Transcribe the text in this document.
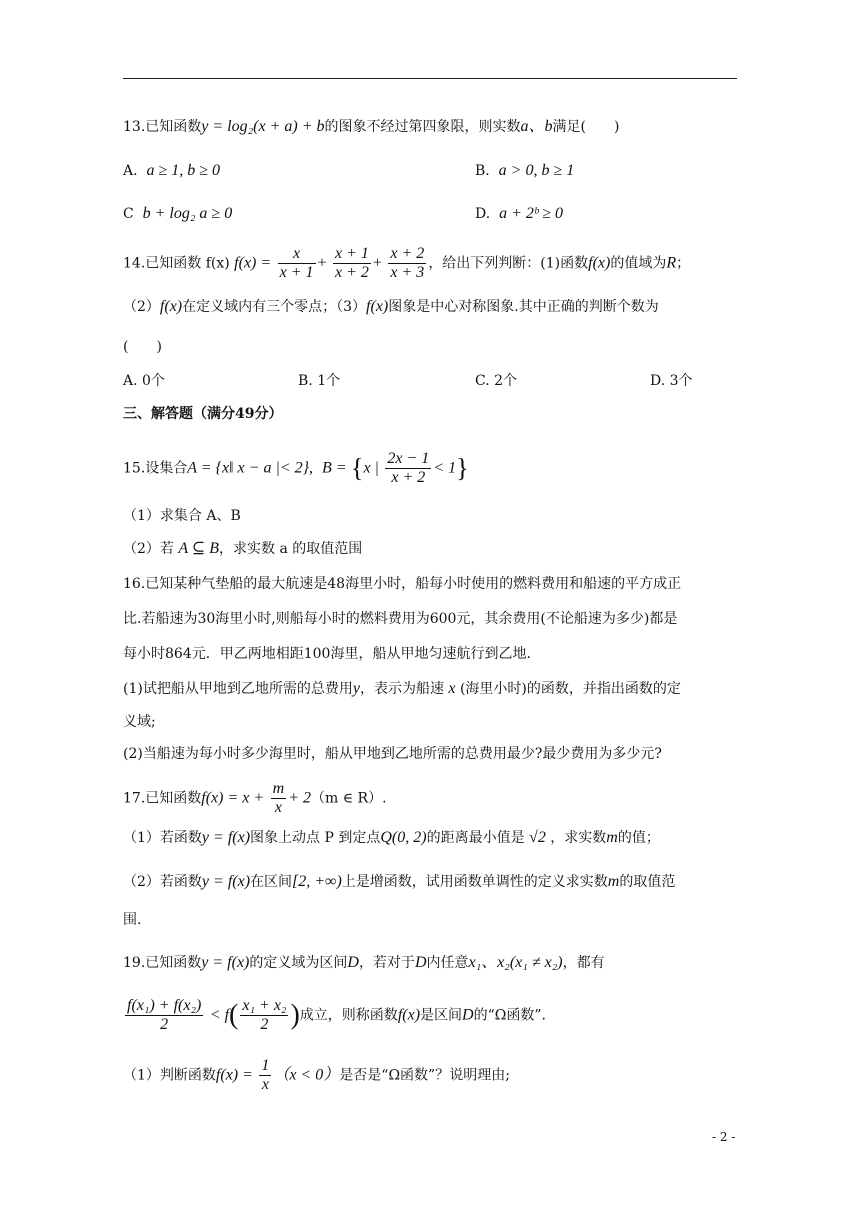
13.已知函数y = log₂(x + a) + b的图象不经过第四象限，则实数a、b满足(　　)
A. a ≥ 1, b ≥ 0	B. a > 0, b ≥ 1
C b + log₂ a ≥ 0	D. a + 2ᵇ ≥ 0
14.已知函数 f(x) $f(x) = \frac{x}{x + 1} + \frac{x + 1}{x + 2} + \frac{x + 2}{x + 3}$ ，给出下列判断：(1)函数f(x)的值域为R；
（2）f(x)在定义域内有三个零点；（3）f(x)图象是中心对称图象.其中正确的判断个数为
(　　)
A. 0个	B. 1个	C. 2个	D. 3个
三、解答题（满分49分）
15.设集合A = {x‖ x − a |< 2}, B = {x | $\frac{2x - 1}{x + 2} < 1$}
（1）求集合 A、B
（2）若 A ⊆ B，求实数 a 的取值范围
16.已知某种气垫船的最大航速是48海里小时，船每小时使用的燃料费用和船速的平方成正
比.若船速为30海里小时,则船每小时的燃料费用为600元，其余费用(不论船速为多少)都是
每小时864元．甲乙两地相距100海里，船从甲地匀速航行到乙地.
(1)试把船从甲地到乙地所需的总费用y，表示为船速 x (海里小时)的函数，并指出函数的定
义域;
(2)当船速为每小时多少海里时，船从甲地到乙地所需的总费用最少?最少费用为多少元?
17.已知函数$f(x) = x + \frac{m}{x} + 2(m$ ∈ R）.
（1）若函数y = f(x)图象上动点 P 到定点Q(0, 2)的距离最小值是 √2 ，求实数m的值；
（2）若函数y = f(x)在区间[2, +∞)上是增函数，试用函数单调性的定义求实数m的取值范
围.
19.已知函数y = f(x)的定义域为区间D，若对于D内任意x₁、x₂(x₁ ≠ x₂)，都有
$\frac{\text{f(x₁) + f(x₂)}}{2} < f( \frac{\text{x₁ + x₂}}{2}$ )成立，则称函数f(x)是区间D的“Ω函数”.
（1）判断函数$f(x) = \frac{1}{x} (x < 0)$是否是“Ω函数”？说明理由;
- 2 -
